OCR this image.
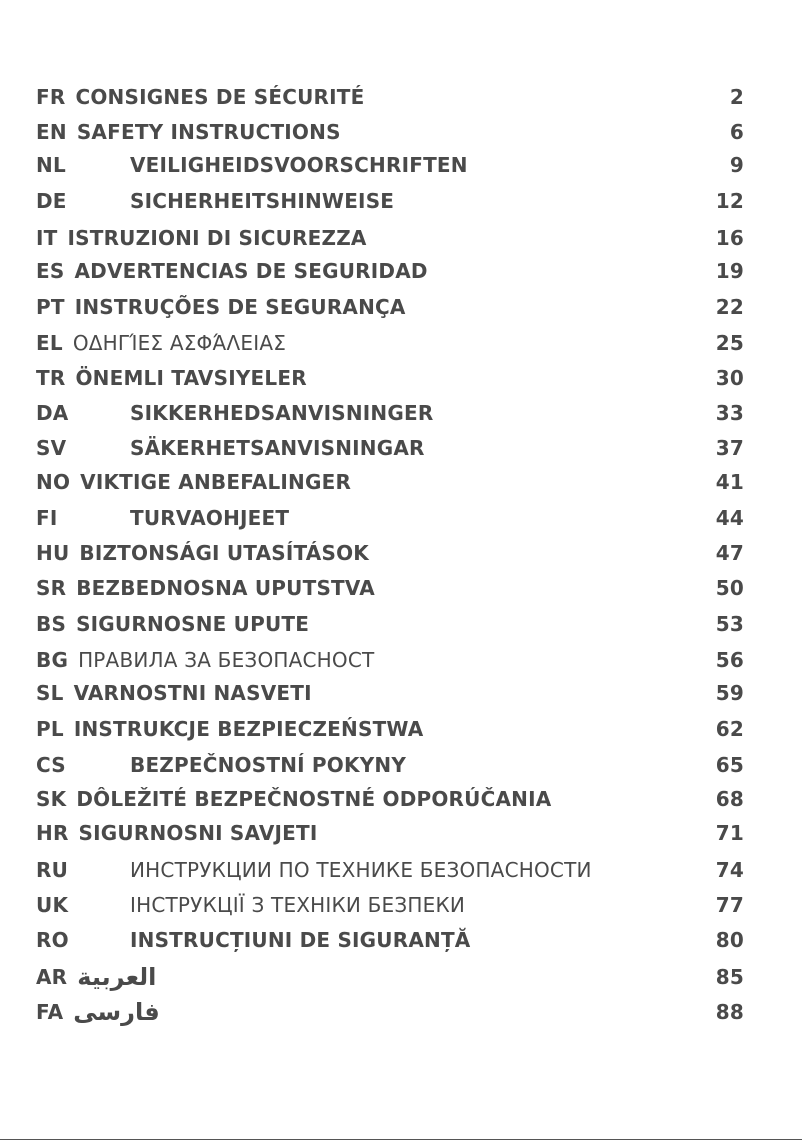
FR CONSIGNES DE SÉCURITÉ	2
EN SAFETY INSTRUCTIONS	6
NL	VEILIGHEIDSVOORSCHRIFTEN	9
DE	SICHERHEITSHINWEISE	12
IT ISTRUZIONI DI SICUREZZA	16
ES ADVERTENCIAS DE SEGURIDAD	19
PT INSTRUÇÕES DE SEGURANÇA	22
EL ΟΔΗΓΊΕΣ ΑΣΦΆΛΕΙΑΣ	25
TR ÖNEMLI TAVSIYELER	30
DA	SIKKERHEDSANVISNINGER	33
SV	SÄKERHETSANVISNINGAR	37
NO VIKTIGE ANBEFALINGER	41
FI	TURVAOHJEET	44
HU BIZTONSÁGI UTASÍTÁSOK	47
SR BEZBEDNOSNA UPUTSTVA	50
BS SIGURNOSNE UPUTE	53
BG ПРАВИЛА ЗА БЕЗОПАСНОСТ	56
SL VARNOSTNI NASVETI	59
PL INSTRUKCJE BEZPIECZEŃSTWA	62
CS	BEZPEČNOSTNÍ POKYNY	65
SK DÔLEŽITÉ BEZPEČNOSTNÉ ODPORÚČANIA	68
HR SIGURNOSNI SAVJETI	71
RU	ИНСТРУКЦИИ ПО ТЕХНИКЕ БЕЗОПАСНОСТИ	74
UK	ІНСТРУКЦІЇ З ТЕХНІКИ БЕЗПЕКИ	77
RO	INSTRUCȚIUNI DE SIGURANȚĂ	80
AR العربية	85
FA فارسی	88
